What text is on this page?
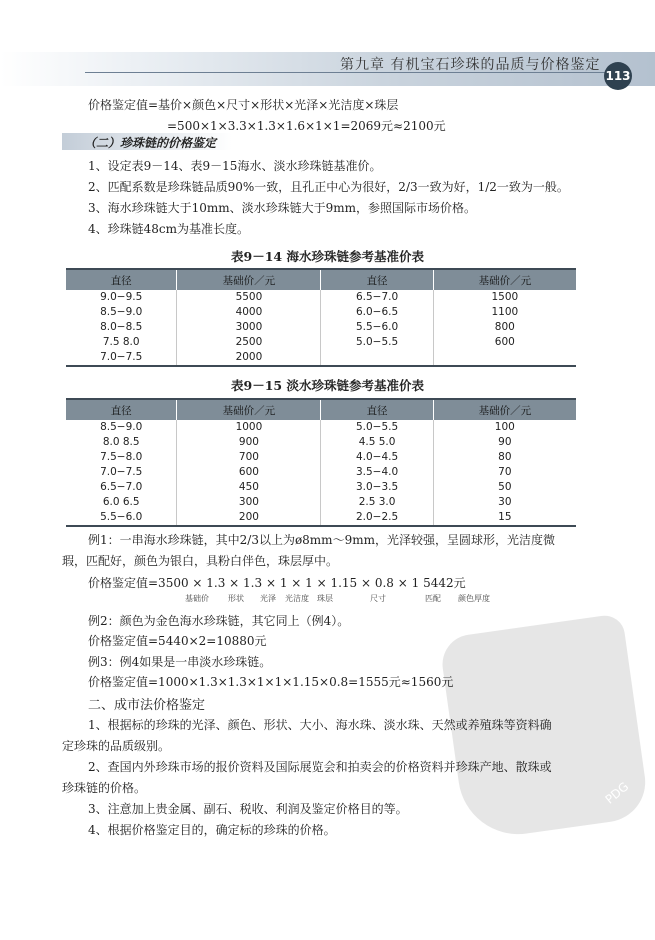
第九章 有机宝石珍珠的品质与价格鉴定
113
价格鉴定值=基价×颜色×尺寸×形状×光泽×光洁度×珠层
=500×1×3.3×1.3×1.6×1×1=2069元≈2100元
（二）珍珠链的价格鉴定
1、设定表9－14、表9－15海水、淡水珍珠链基准价。
2、匹配系数是珍珠链品质90%一致，且孔正中心为很好，2/3一致为好，1/2一致为一般。
3、海水珍珠链大于10mm、淡水珍珠链大于9mm，参照国际市场价格。
4、珍珠链48cm为基准长度。
表9－14 海水珍珠链参考基准价表
直径	基础价／元	直径	基础价／元
9.0−9.5	5500	6.5−7.0	1500
8.5−9.0	4000	6.0−6.5	1100
8.0−8.5	3000	5.5−6.0	800
7.5 8.0	2500	5.0−5.5	600
7.0−7.5	2000		
表9－15 淡水珍珠链参考基准价表
直径	基础价／元	直径	基础价／元
8.5−9.0	1000	5.0−5.5	100
8.0 8.5	900	4.5 5.0	90
7.5−8.0	700	4.0−4.5	80
7.0−7.5	600	3.5−4.0	70
6.5−7.0	450	3.0−3.5	50
6.0 6.5	300	2.5 3.0	30
5.5−6.0	200	2.0−2.5	15
PDG
例1：一串海水珍珠链，其中2/3以上为ø8mm～9mm，光泽较强，呈圆球形，光洁度微
瑕，匹配好，颜色为银白，具粉白伴色，珠层厚中。
价格鉴定值=3500 × 1.3 × 1.3 × 1 × 1 × 1.15 × 0.8 × 1 5442元
基础价 形状 光泽 光洁度 珠层	尺寸	匹配 颜色厚度
例2：颜色为金色海水珍珠链，其它同上（例4）。
价格鉴定值=5440×2=10880元
例3：例4如果是一串淡水珍珠链。
价格鉴定值=1000×1.3×1.3×1×1×1.15×0.8=1555元≈1560元
二、成市法价格鉴定
1、根据标的珍珠的光泽、颜色、形状、大小、海水珠、淡水珠、天然或养殖珠等资料确
定珍珠的品质级别。
2、查国内外珍珠市场的报价资料及国际展览会和拍卖会的价格资料并珍珠产地、散珠或
珍珠链的价格。
3、注意加上贵金属、副石、税收、利润及鉴定价格目的等。
4、根据价格鉴定目的，确定标的珍珠的价格。
